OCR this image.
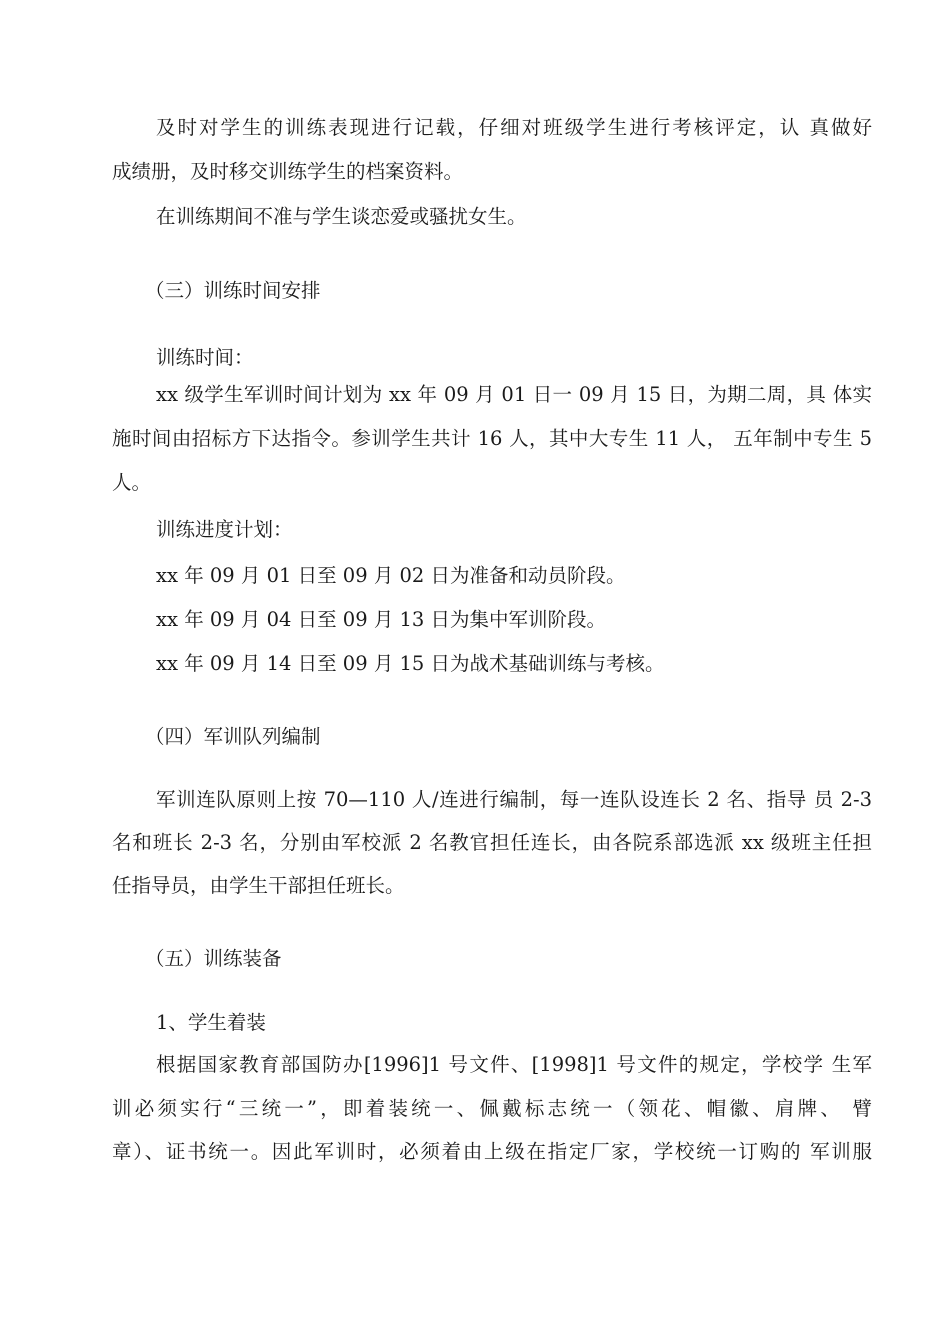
及时对学生的训练表现进行记载，仔细对班级学生进行考核评定，认 真做好
成绩册，及时移交训练学生的档案资料。
在训练期间不准与学生谈恋爱或骚扰女生。
（三）训练时间安排
训练时间：
xx 级学生军训时间计划为 xx 年 09 月 01 日一 09 月 15 日，为期二周，具 体实
施时间由招标方下达指令。参训学生共计 16 人，其中大专生 11 人， 五年制中专生 5
人。
训练进度计划：
xx 年 09 月 01 日至 09 月 02 日为准备和动员阶段。
xx 年 09 月 04 日至 09 月 13 日为集中军训阶段。
xx 年 09 月 14 日至 09 月 15 日为战术基础训练与考核。
（四）军训队列编制
军训连队原则上按 70—110 人/连进行编制，每一连队设连长 2 名、指导 员 2-3
名和班长 2-3 名，分别由军校派 2 名教官担任连长，由各院系部选派 xx 级班主任担
任指导员，由学生干部担任班长。
（五）训练装备
1、学生着装
根据国家教育部国防办[1996]1 号文件、[1998]1 号文件的规定，学校学 生军
训必须实行“三统一”，即着装统一、佩戴标志统一（领花、帽徽、肩牌、 臂
章）、证书统一。因此军训时，必须着由上级在指定厂家，学校统一订购的 军训服
